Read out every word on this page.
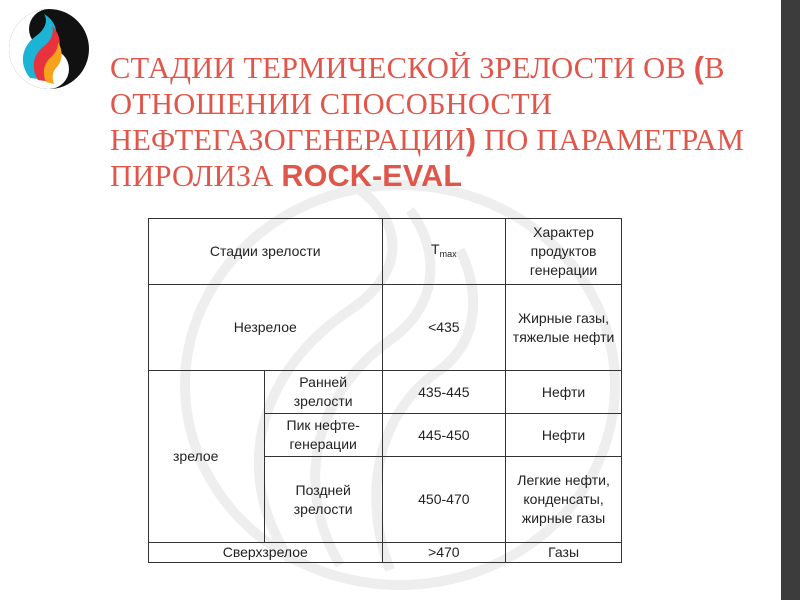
СТАДИИ ТЕРМИЧЕСКОЙ ЗРЕЛОСТИ ОВ (В ОТНОШЕНИИ СПОСОБНОСТИ НЕФТЕГАЗОГЕНЕРАЦИИ) ПО ПАРАМЕТРАМ ПИРОЛИЗА ROCK-EVAL
Стадии зрелости		$T_{max}$	Характер продуктов генерации
Незрелое		<435	Жирные газы, тяжелые нефти
зрелое	Ранней зрелости	435-445	Нефти
	Пик нефте-генерации	445-450	Нефти
	Поздней зрелости	450-470	Легкие нефти, конденсаты, жирные газы
Сверхзрелое		>470	Газы
